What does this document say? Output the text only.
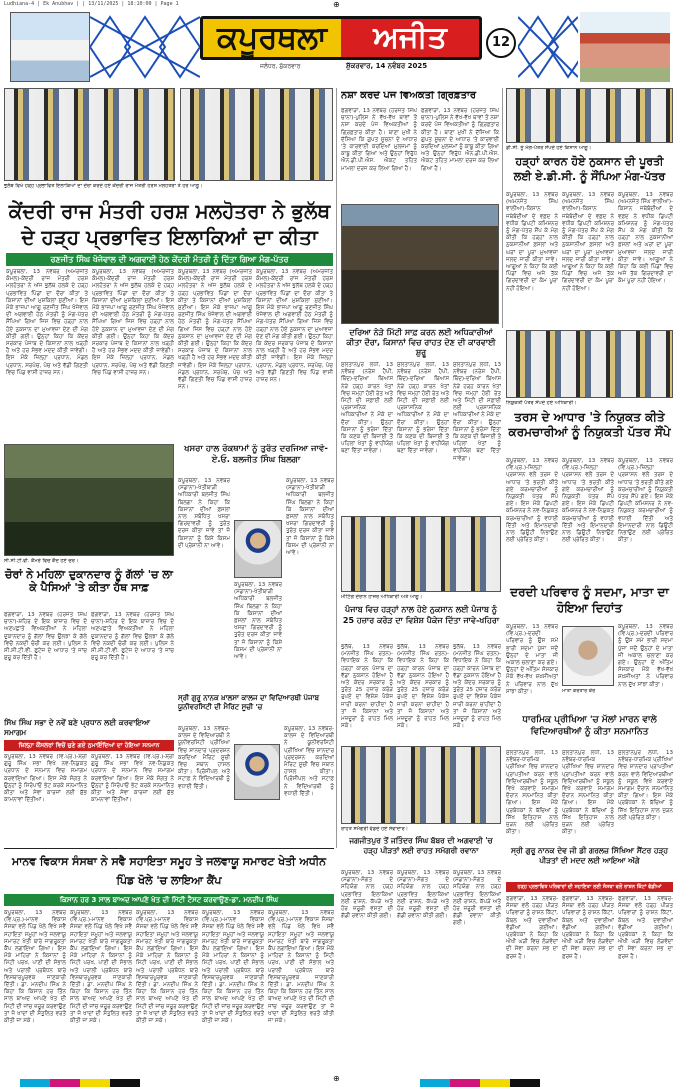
Ludhiana-4 | Ek Anubhav | | 13/11/2025 | 18:10:00 | Page 1	⊕
ਕਪੂਰਥਲਾ	ਅਜੀਤ
ਜਲੰਧਰ, ਸ਼ੁੱਕਰਵਾਰ	ਸ਼ੁੱਕਰਵਾਰ, 14 ਨਵੰਬਰ 2025
12
ਭੁਲੱਥ ਵਿਖੇ ਹੜ੍ਹ ਪ੍ਰਭਾਵਿਤ ਇਲਾਕਿਆਂ ਦਾ ਦੌਰਾ ਕਰਦੇ ਹੋਏ ਕੇਂਦਰੀ ਰਾਜ ਮੰਤਰੀ ਹਰਸ਼ ਮਲਹੋਤਰਾ ਤੇ ਹੋਰ ਆਗੂ।
ਕੇਂਦਰੀ ਰਾਜ ਮੰਤਰੀ ਹਰਸ਼ ਮਲਹੋਤਰਾ ਨੇ ਭੁਲੱਥ ਦੇ ਹੜ੍ਹ ਪ੍ਰਭਾਵਿਤ ਇਲਾਕਿਆਂ ਦਾ ਕੀਤਾ
ਰਣਜੀਤ ਸਿੰਘ ਖੋਜੇਵਾਲ ਦੀ ਅਗਵਾਈ ਹੇਠ ਕੇਂਦਰੀ ਮੰਤਰੀ ਨੂੰ ਦਿੱਤਾ ਗਿਆ ਮੰਗ-ਪੱਤਰ
ਕਪੂਰਥਲਾ, 13 ਨਵੰਬਰ (ਅਮਰਜੀਤ ਕੋਮਲ)-ਕੇਂਦਰੀ ਰਾਜ ਮੰਤਰੀ ਹਰਸ਼ ਮਲਹੋਤਰਾ ਨੇ ਅੱਜ ਭੁਲੱਥ ਹਲਕੇ ਦੇ ਹੜ੍ਹ ਪ੍ਰਭਾਵਿਤ ਪਿੰਡਾਂ ਦਾ ਦੌਰਾ ਕੀਤਾ ਤੇ ਕਿਸਾਨਾਂ ਦੀਆਂ ਮੁਸ਼ਕਿਲਾਂ ਸੁਣੀਆਂ। ਇਸ ਮੌਕੇ ਭਾਜਪਾ ਆਗੂ ਰਣਜੀਤ ਸਿੰਘ ਖੋਜੇਵਾਲ ਦੀ ਅਗਵਾਈ ਹੇਠ ਮੰਤਰੀ ਨੂੰ ਮੰਗ-ਪੱਤਰ ਸੌਂਪਿਆ ਗਿਆ ਜਿਸ ਵਿਚ ਹੜ੍ਹਾਂ ਨਾਲ ਹੋਏ ਨੁਕਸਾਨ ਦਾ ਮੁਆਵਜ਼ਾ ਦੇਣ ਦੀ ਮੰਗ ਕੀਤੀ ਗਈ। ਉਨ੍ਹਾਂ ਕਿਹਾ ਕਿ ਕੇਂਦਰ ਸਰਕਾਰ ਪੰਜਾਬ ਦੇ ਕਿਸਾਨਾਂ ਨਾਲ ਖੜ੍ਹੀ ਹੈ ਅਤੇ ਹਰ ਸੰਭਵ ਮਦਦ ਕੀਤੀ ਜਾਵੇਗੀ। ਇਸ ਮੌਕੇ ਜ਼ਿਲ੍ਹਾ ਪ੍ਰਧਾਨ, ਮੰਡਲ ਪ੍ਰਧਾਨ, ਸਰਪੰਚ, ਪੰਚ ਅਤੇ ਵੱਡੀ ਗਿਣਤੀ ਵਿਚ ਪਿੰਡ ਵਾਸੀ ਹਾਜ਼ਰ ਸਨ।
ਕਪੂਰਥਲਾ, 13 ਨਵੰਬਰ (ਅਮਰਜੀਤ ਕੋਮਲ)-ਕੇਂਦਰੀ ਰਾਜ ਮੰਤਰੀ ਹਰਸ਼ ਮਲਹੋਤਰਾ ਨੇ ਅੱਜ ਭੁਲੱਥ ਹਲਕੇ ਦੇ ਹੜ੍ਹ ਪ੍ਰਭਾਵਿਤ ਪਿੰਡਾਂ ਦਾ ਦੌਰਾ ਕੀਤਾ ਤੇ ਕਿਸਾਨਾਂ ਦੀਆਂ ਮੁਸ਼ਕਿਲਾਂ ਸੁਣੀਆਂ। ਇਸ ਮੌਕੇ ਭਾਜਪਾ ਆਗੂ ਰਣਜੀਤ ਸਿੰਘ ਖੋਜੇਵਾਲ ਦੀ ਅਗਵਾਈ ਹੇਠ ਮੰਤਰੀ ਨੂੰ ਮੰਗ-ਪੱਤਰ ਸੌਂਪਿਆ ਗਿਆ ਜਿਸ ਵਿਚ ਹੜ੍ਹਾਂ ਨਾਲ ਹੋਏ ਨੁਕਸਾਨ ਦਾ ਮੁਆਵਜ਼ਾ ਦੇਣ ਦੀ ਮੰਗ ਕੀਤੀ ਗਈ। ਉਨ੍ਹਾਂ ਕਿਹਾ ਕਿ ਕੇਂਦਰ ਸਰਕਾਰ ਪੰਜਾਬ ਦੇ ਕਿਸਾਨਾਂ ਨਾਲ ਖੜ੍ਹੀ ਹੈ ਅਤੇ ਹਰ ਸੰਭਵ ਮਦਦ ਕੀਤੀ ਜਾਵੇਗੀ। ਇਸ ਮੌਕੇ ਜ਼ਿਲ੍ਹਾ ਪ੍ਰਧਾਨ, ਮੰਡਲ ਪ੍ਰਧਾਨ, ਸਰਪੰਚ, ਪੰਚ ਅਤੇ ਵੱਡੀ ਗਿਣਤੀ ਵਿਚ ਪਿੰਡ ਵਾਸੀ ਹਾਜ਼ਰ ਸਨ।
ਕਪੂਰਥਲਾ, 13 ਨਵੰਬਰ (ਅਮਰਜੀਤ ਕੋਮਲ)-ਕੇਂਦਰੀ ਰਾਜ ਮੰਤਰੀ ਹਰਸ਼ ਮਲਹੋਤਰਾ ਨੇ ਅੱਜ ਭੁਲੱਥ ਹਲਕੇ ਦੇ ਹੜ੍ਹ ਪ੍ਰਭਾਵਿਤ ਪਿੰਡਾਂ ਦਾ ਦੌਰਾ ਕੀਤਾ ਤੇ ਕਿਸਾਨਾਂ ਦੀਆਂ ਮੁਸ਼ਕਿਲਾਂ ਸੁਣੀਆਂ। ਇਸ ਮੌਕੇ ਭਾਜਪਾ ਆਗੂ ਰਣਜੀਤ ਸਿੰਘ ਖੋਜੇਵਾਲ ਦੀ ਅਗਵਾਈ ਹੇਠ ਮੰਤਰੀ ਨੂੰ ਮੰਗ-ਪੱਤਰ ਸੌਂਪਿਆ ਗਿਆ ਜਿਸ ਵਿਚ ਹੜ੍ਹਾਂ ਨਾਲ ਹੋਏ ਨੁਕਸਾਨ ਦਾ ਮੁਆਵਜ਼ਾ ਦੇਣ ਦੀ ਮੰਗ ਕੀਤੀ ਗਈ। ਉਨ੍ਹਾਂ ਕਿਹਾ ਕਿ ਕੇਂਦਰ ਸਰਕਾਰ ਪੰਜਾਬ ਦੇ ਕਿਸਾਨਾਂ ਨਾਲ ਖੜ੍ਹੀ ਹੈ ਅਤੇ ਹਰ ਸੰਭਵ ਮਦਦ ਕੀਤੀ ਜਾਵੇਗੀ। ਇਸ ਮੌਕੇ ਜ਼ਿਲ੍ਹਾ ਪ੍ਰਧਾਨ, ਮੰਡਲ ਪ੍ਰਧਾਨ, ਸਰਪੰਚ, ਪੰਚ ਅਤੇ ਵੱਡੀ ਗਿਣਤੀ ਵਿਚ ਪਿੰਡ ਵਾਸੀ ਹਾਜ਼ਰ ਸਨ।
ਕਪੂਰਥਲਾ, 13 ਨਵੰਬਰ (ਅਮਰਜੀਤ ਕੋਮਲ)-ਕੇਂਦਰੀ ਰਾਜ ਮੰਤਰੀ ਹਰਸ਼ ਮਲਹੋਤਰਾ ਨੇ ਅੱਜ ਭੁਲੱਥ ਹਲਕੇ ਦੇ ਹੜ੍ਹ ਪ੍ਰਭਾਵਿਤ ਪਿੰਡਾਂ ਦਾ ਦੌਰਾ ਕੀਤਾ ਤੇ ਕਿਸਾਨਾਂ ਦੀਆਂ ਮੁਸ਼ਕਿਲਾਂ ਸੁਣੀਆਂ। ਇਸ ਮੌਕੇ ਭਾਜਪਾ ਆਗੂ ਰਣਜੀਤ ਸਿੰਘ ਖੋਜੇਵਾਲ ਦੀ ਅਗਵਾਈ ਹੇਠ ਮੰਤਰੀ ਨੂੰ ਮੰਗ-ਪੱਤਰ ਸੌਂਪਿਆ ਗਿਆ ਜਿਸ ਵਿਚ ਹੜ੍ਹਾਂ ਨਾਲ ਹੋਏ ਨੁਕਸਾਨ ਦਾ ਮੁਆਵਜ਼ਾ ਦੇਣ ਦੀ ਮੰਗ ਕੀਤੀ ਗਈ। ਉਨ੍ਹਾਂ ਕਿਹਾ ਕਿ ਕੇਂਦਰ ਸਰਕਾਰ ਪੰਜਾਬ ਦੇ ਕਿਸਾਨਾਂ ਨਾਲ ਖੜ੍ਹੀ ਹੈ ਅਤੇ ਹਰ ਸੰਭਵ ਮਦਦ ਕੀਤੀ ਜਾਵੇਗੀ। ਇਸ ਮੌਕੇ ਜ਼ਿਲ੍ਹਾ ਪ੍ਰਧਾਨ, ਮੰਡਲ ਪ੍ਰਧਾਨ, ਸਰਪੰਚ, ਪੰਚ ਅਤੇ ਵੱਡੀ ਗਿਣਤੀ ਵਿਚ ਪਿੰਡ ਵਾਸੀ ਹਾਜ਼ਰ ਸਨ।
ਨਸ਼ਾ ਕਰਦੇ ਪੰਜ ਵਿਅਕਤੀ ਗ੍ਰਿਫ਼ਤਾਰ
ਫਗਵਾੜਾ, 13 ਨਵੰਬਰ (ਹਰਜੋਤ ਸਿੰਘ ਚਾਨਾ)-ਪੁਲਿਸ ਨੇ ਵੱਖ-ਵੱਖ ਥਾਵਾਂ ਤੋਂ ਨਸ਼ਾ ਕਰਦੇ ਪੰਜ ਵਿਅਕਤੀਆਂ ਨੂੰ ਗ੍ਰਿਫ਼ਤਾਰ ਕੀਤਾ ਹੈ। ਥਾਣਾ ਮੁਖੀ ਨੇ ਦੱਸਿਆ ਕਿ ਗੁਪਤ ਸੂਚਨਾ ਦੇ ਆਧਾਰ 'ਤੇ ਕਾਰਵਾਈ ਕਰਦਿਆਂ ਮੁਲਜ਼ਮਾਂ ਨੂੰ ਕਾਬੂ ਕੀਤਾ ਗਿਆ ਅਤੇ ਉਨ੍ਹਾਂ ਵਿਰੁੱਧ ਐਨ.ਡੀ.ਪੀ.ਐਸ. ਐਕਟ ਤਹਿਤ ਮਾਮਲਾ ਦਰਜ ਕਰ ਲਿਆ ਗਿਆ ਹੈ।
ਫਗਵਾੜਾ, 13 ਨਵੰਬਰ (ਹਰਜੋਤ ਸਿੰਘ ਚਾਨਾ)-ਪੁਲਿਸ ਨੇ ਵੱਖ-ਵੱਖ ਥਾਵਾਂ ਤੋਂ ਨਸ਼ਾ ਕਰਦੇ ਪੰਜ ਵਿਅਕਤੀਆਂ ਨੂੰ ਗ੍ਰਿਫ਼ਤਾਰ ਕੀਤਾ ਹੈ। ਥਾਣਾ ਮੁਖੀ ਨੇ ਦੱਸਿਆ ਕਿ ਗੁਪਤ ਸੂਚਨਾ ਦੇ ਆਧਾਰ 'ਤੇ ਕਾਰਵਾਈ ਕਰਦਿਆਂ ਮੁਲਜ਼ਮਾਂ ਨੂੰ ਕਾਬੂ ਕੀਤਾ ਗਿਆ ਅਤੇ ਉਨ੍ਹਾਂ ਵਿਰੁੱਧ ਐਨ.ਡੀ.ਪੀ.ਐਸ. ਐਕਟ ਤਹਿਤ ਮਾਮਲਾ ਦਰਜ ਕਰ ਲਿਆ ਗਿਆ ਹੈ।
ਡੀ.ਸੀ. ਨੂੰ ਮੰਗ-ਪੱਤਰ ਸੌਂਪਦੇ ਹੋਏ ਕਿਸਾਨ ਆਗੂ।
ਹੜ੍ਹਾਂ ਕਾਰਨ ਹੋਏ ਨੁਕਸਾਨ ਦੀ ਪੂਰਤੀ ਲਈ ਏ.ਡੀ.ਸੀ. ਨੂੰ ਸੌਂਪਿਆ ਮੰਗ-ਪੱਤਰ
ਕਪੂਰਥਲਾ, 13 ਨਵੰਬਰ (ਅਮਨਜੋਤ ਸਿੰਘ ਵਾਲੀਆ)-ਕਿਸਾਨ ਜਥੇਬੰਦੀਆਂ ਦੇ ਵਫ਼ਦ ਨੇ ਵਧੀਕ ਡਿਪਟੀ ਕਮਿਸ਼ਨਰ ਨੂੰ ਮੰਗ-ਪੱਤਰ ਸੌਂਪ ਕੇ ਮੰਗ ਕੀਤੀ ਕਿ ਹੜ੍ਹਾਂ ਨਾਲ ਨੁਕਸਾਨੀਆਂ ਫ਼ਸਲਾਂ ਅਤੇ ਘਰਾਂ ਦਾ ਪੂਰਾ ਮੁਆਵਜ਼ਾ ਜਲਦ ਜਾਰੀ ਕੀਤਾ ਜਾਵੇ। ਆਗੂਆਂ ਨੇ ਕਿਹਾ ਕਿ ਕਈ ਪਿੰਡਾਂ ਵਿਚ ਅਜੇ ਤੱਕ ਗਿਰਦਾਵਰੀ ਦਾ ਕੰਮ ਪੂਰਾ ਨਹੀਂ ਹੋਇਆ।
ਕਪੂਰਥਲਾ, 13 ਨਵੰਬਰ (ਅਮਨਜੋਤ ਸਿੰਘ ਵਾਲੀਆ)-ਕਿਸਾਨ ਜਥੇਬੰਦੀਆਂ ਦੇ ਵਫ਼ਦ ਨੇ ਵਧੀਕ ਡਿਪਟੀ ਕਮਿਸ਼ਨਰ ਨੂੰ ਮੰਗ-ਪੱਤਰ ਸੌਂਪ ਕੇ ਮੰਗ ਕੀਤੀ ਕਿ ਹੜ੍ਹਾਂ ਨਾਲ ਨੁਕਸਾਨੀਆਂ ਫ਼ਸਲਾਂ ਅਤੇ ਘਰਾਂ ਦਾ ਪੂਰਾ ਮੁਆਵਜ਼ਾ ਜਲਦ ਜਾਰੀ ਕੀਤਾ ਜਾਵੇ। ਆਗੂਆਂ ਨੇ ਕਿਹਾ ਕਿ ਕਈ ਪਿੰਡਾਂ ਵਿਚ ਅਜੇ ਤੱਕ ਗਿਰਦਾਵਰੀ ਦਾ ਕੰਮ ਪੂਰਾ ਨਹੀਂ ਹੋਇਆ।
ਕਪੂਰਥਲਾ, 13 ਨਵੰਬਰ (ਅਮਨਜੋਤ ਸਿੰਘ ਵਾਲੀਆ)-ਕਿਸਾਨ ਜਥੇਬੰਦੀਆਂ ਦੇ ਵਫ਼ਦ ਨੇ ਵਧੀਕ ਡਿਪਟੀ ਕਮਿਸ਼ਨਰ ਨੂੰ ਮੰਗ-ਪੱਤਰ ਸੌਂਪ ਕੇ ਮੰਗ ਕੀਤੀ ਕਿ ਹੜ੍ਹਾਂ ਨਾਲ ਨੁਕਸਾਨੀਆਂ ਫ਼ਸਲਾਂ ਅਤੇ ਘਰਾਂ ਦਾ ਪੂਰਾ ਮੁਆਵਜ਼ਾ ਜਲਦ ਜਾਰੀ ਕੀਤਾ ਜਾਵੇ। ਆਗੂਆਂ ਨੇ ਕਿਹਾ ਕਿ ਕਈ ਪਿੰਡਾਂ ਵਿਚ ਅਜੇ ਤੱਕ ਗਿਰਦਾਵਰੀ ਦਾ ਕੰਮ ਪੂਰਾ ਨਹੀਂ ਹੋਇਆ।
ਦਰਿਆ ਨੇੜੇ ਮਿੱਟੀ ਸਾਫ਼ ਕਰਨ ਲਈ ਅਧਿਕਾਰੀਆਂ ਕੀਤਾ ਦੌਰਾ, ਕਿਸਾਨਾਂ ਵਿਚ ਰਾਹਤ ਦੇਣ ਦੀ ਕਾਰਵਾਈ ਸ਼ੁਰੂ
ਸੁਲਤਾਨਪੁਰ ਲੋਧੀ, 13 ਨਵੰਬਰ (ਨਰੇਸ਼ ਹੈਪੀ, ਥਿੰਦ)-ਦਰਿਆ ਬਿਆਸ ਨੇੜੇ ਹੜ੍ਹ ਕਾਰਨ ਖੇਤਾਂ ਵਿਚ ਜਮ੍ਹਾਂ ਹੋਈ ਰੇਤ ਅਤੇ ਮਿੱਟੀ ਦੀ ਸਫ਼ਾਈ ਲਈ ਪ੍ਰਸ਼ਾਸਨਿਕ ਅਧਿਕਾਰੀਆਂ ਨੇ ਮੌਕੇ ਦਾ ਦੌਰਾ ਕੀਤਾ। ਉਨ੍ਹਾਂ ਕਿਸਾਨਾਂ ਨੂੰ ਭਰੋਸਾ ਦਿੱਤਾ ਕਿ ਕਣਕ ਦੀ ਬਿਜਾਈ ਤੋਂ ਪਹਿਲਾਂ ਖੇਤਾਂ ਨੂੰ ਵਾਹੀਯੋਗ ਬਣਾ ਦਿੱਤਾ ਜਾਵੇਗਾ।
ਸੁਲਤਾਨਪੁਰ ਲੋਧੀ, 13 ਨਵੰਬਰ (ਨਰੇਸ਼ ਹੈਪੀ, ਥਿੰਦ)-ਦਰਿਆ ਬਿਆਸ ਨੇੜੇ ਹੜ੍ਹ ਕਾਰਨ ਖੇਤਾਂ ਵਿਚ ਜਮ੍ਹਾਂ ਹੋਈ ਰੇਤ ਅਤੇ ਮਿੱਟੀ ਦੀ ਸਫ਼ਾਈ ਲਈ ਪ੍ਰਸ਼ਾਸਨਿਕ ਅਧਿਕਾਰੀਆਂ ਨੇ ਮੌਕੇ ਦਾ ਦੌਰਾ ਕੀਤਾ। ਉਨ੍ਹਾਂ ਕਿਸਾਨਾਂ ਨੂੰ ਭਰੋਸਾ ਦਿੱਤਾ ਕਿ ਕਣਕ ਦੀ ਬਿਜਾਈ ਤੋਂ ਪਹਿਲਾਂ ਖੇਤਾਂ ਨੂੰ ਵਾਹੀਯੋਗ ਬਣਾ ਦਿੱਤਾ ਜਾਵੇਗਾ।
ਸੁਲਤਾਨਪੁਰ ਲੋਧੀ, 13 ਨਵੰਬਰ (ਨਰੇਸ਼ ਹੈਪੀ, ਥਿੰਦ)-ਦਰਿਆ ਬਿਆਸ ਨੇੜੇ ਹੜ੍ਹ ਕਾਰਨ ਖੇਤਾਂ ਵਿਚ ਜਮ੍ਹਾਂ ਹੋਈ ਰੇਤ ਅਤੇ ਮਿੱਟੀ ਦੀ ਸਫ਼ਾਈ ਲਈ ਪ੍ਰਸ਼ਾਸਨਿਕ ਅਧਿਕਾਰੀਆਂ ਨੇ ਮੌਕੇ ਦਾ ਦੌਰਾ ਕੀਤਾ। ਉਨ੍ਹਾਂ ਕਿਸਾਨਾਂ ਨੂੰ ਭਰੋਸਾ ਦਿੱਤਾ ਕਿ ਕਣਕ ਦੀ ਬਿਜਾਈ ਤੋਂ ਪਹਿਲਾਂ ਖੇਤਾਂ ਨੂੰ ਵਾਹੀਯੋਗ ਬਣਾ ਦਿੱਤਾ ਜਾਵੇਗਾ।
ਨਿਯੁਕਤੀ ਪੱਤਰ ਸੌਂਪਦੇ ਹੋਏ ਅਧਿਕਾਰੀ।
ਤਰਸ ਦੇ ਆਧਾਰ 'ਤੇ ਨਿਯੁਕਤ ਕੀਤੇ ਕਰਮਚਾਰੀਆਂ ਨੂੰ ਨਿਯੁਕਤੀ ਪੱਤਰ ਸੌਂਪੇ
ਕਪੂਰਥਲਾ, 13 ਨਵੰਬਰ (ਵਿ.ਪ੍ਰ.)-ਜ਼ਿਲ੍ਹਾ ਪ੍ਰਸ਼ਾਸਨ ਵਲੋਂ ਤਰਸ ਦੇ ਆਧਾਰ 'ਤੇ ਭਰਤੀ ਕੀਤੇ ਗਏ ਕਰਮਚਾਰੀਆਂ ਨੂੰ ਨਿਯੁਕਤੀ ਪੱਤਰ ਸੌਂਪੇ ਗਏ। ਇਸ ਮੌਕੇ ਡਿਪਟੀ ਕਮਿਸ਼ਨਰ ਨੇ ਨਵ-ਨਿਯੁਕਤ ਕਰਮਚਾਰੀਆਂ ਨੂੰ ਵਧਾਈ ਦਿੱਤੀ ਅਤੇ ਇਮਾਨਦਾਰੀ ਨਾਲ ਡਿਊਟੀ ਨਿਭਾਉਣ ਲਈ ਪ੍ਰੇਰਿਤ ਕੀਤਾ।
ਕਪੂਰਥਲਾ, 13 ਨਵੰਬਰ (ਵਿ.ਪ੍ਰ.)-ਜ਼ਿਲ੍ਹਾ ਪ੍ਰਸ਼ਾਸਨ ਵਲੋਂ ਤਰਸ ਦੇ ਆਧਾਰ 'ਤੇ ਭਰਤੀ ਕੀਤੇ ਗਏ ਕਰਮਚਾਰੀਆਂ ਨੂੰ ਨਿਯੁਕਤੀ ਪੱਤਰ ਸੌਂਪੇ ਗਏ। ਇਸ ਮੌਕੇ ਡਿਪਟੀ ਕਮਿਸ਼ਨਰ ਨੇ ਨਵ-ਨਿਯੁਕਤ ਕਰਮਚਾਰੀਆਂ ਨੂੰ ਵਧਾਈ ਦਿੱਤੀ ਅਤੇ ਇਮਾਨਦਾਰੀ ਨਾਲ ਡਿਊਟੀ ਨਿਭਾਉਣ ਲਈ ਪ੍ਰੇਰਿਤ ਕੀਤਾ।
ਕਪੂਰਥਲਾ, 13 ਨਵੰਬਰ (ਵਿ.ਪ੍ਰ.)-ਜ਼ਿਲ੍ਹਾ ਪ੍ਰਸ਼ਾਸਨ ਵਲੋਂ ਤਰਸ ਦੇ ਆਧਾਰ 'ਤੇ ਭਰਤੀ ਕੀਤੇ ਗਏ ਕਰਮਚਾਰੀਆਂ ਨੂੰ ਨਿਯੁਕਤੀ ਪੱਤਰ ਸੌਂਪੇ ਗਏ। ਇਸ ਮੌਕੇ ਡਿਪਟੀ ਕਮਿਸ਼ਨਰ ਨੇ ਨਵ-ਨਿਯੁਕਤ ਕਰਮਚਾਰੀਆਂ ਨੂੰ ਵਧਾਈ ਦਿੱਤੀ ਅਤੇ ਇਮਾਨਦਾਰੀ ਨਾਲ ਡਿਊਟੀ ਨਿਭਾਉਣ ਲਈ ਪ੍ਰੇਰਿਤ ਕੀਤਾ।
ਸੀ.ਸੀ.ਟੀ.ਵੀ. ਕੈਮਰੇ ਵਿਚ ਕੈਦ ਹੋਏ ਚੋਰ।
ਚੋਰਾਂ ਨੇ ਮਹਿਲਾ ਦੁਕਾਨਦਾਰ ਨੂੰ ਗੱਲਾਂ 'ਚ ਲਾ ਕੇ ਪੈਸਿਆਂ 'ਤੇ ਕੀਤਾ ਹੱਥ ਸਾਫ਼
ਫਗਵਾੜਾ, 13 ਨਵੰਬਰ (ਹਰਜੋਤ ਸਿੰਘ ਚਾਨਾ)-ਸ਼ਹਿਰ ਦੇ ਇਕ ਬਾਜ਼ਾਰ ਵਿਚ ਦੋ ਅਣਪਛਾਤੇ ਵਿਅਕਤੀਆਂ ਨੇ ਮਹਿਲਾ ਦੁਕਾਨਦਾਰ ਨੂੰ ਗੱਲਾਂ ਵਿਚ ਉਲਝਾ ਕੇ ਗੱਲੇ ਵਿਚੋਂ ਨਕਦੀ ਚੋਰੀ ਕਰ ਲਈ। ਪੁਲਿਸ ਨੇ ਸੀ.ਸੀ.ਟੀ.ਵੀ. ਫੁਟੇਜ ਦੇ ਆਧਾਰ 'ਤੇ ਜਾਂਚ ਸ਼ੁਰੂ ਕਰ ਦਿੱਤੀ ਹੈ।
ਫਗਵਾੜਾ, 13 ਨਵੰਬਰ (ਹਰਜੋਤ ਸਿੰਘ ਚਾਨਾ)-ਸ਼ਹਿਰ ਦੇ ਇਕ ਬਾਜ਼ਾਰ ਵਿਚ ਦੋ ਅਣਪਛਾਤੇ ਵਿਅਕਤੀਆਂ ਨੇ ਮਹਿਲਾ ਦੁਕਾਨਦਾਰ ਨੂੰ ਗੱਲਾਂ ਵਿਚ ਉਲਝਾ ਕੇ ਗੱਲੇ ਵਿਚੋਂ ਨਕਦੀ ਚੋਰੀ ਕਰ ਲਈ। ਪੁਲਿਸ ਨੇ ਸੀ.ਸੀ.ਟੀ.ਵੀ. ਫੁਟੇਜ ਦੇ ਆਧਾਰ 'ਤੇ ਜਾਂਚ ਸ਼ੁਰੂ ਕਰ ਦਿੱਤੀ ਹੈ।
ਖਸਰਾ ਹਾਲ ਰੋਕਥਾਮਾਂ ਨੂੰ ਤੁਰੰਤ ਦਰਜਿਆ ਜਾਵੇ-ਏ.ਓ. ਬਲਜੀਤ ਸਿੰਘ ਬਿਲਗਾ
ਕਪੂਰਥਲਾ, 13 ਨਵੰਬਰ (ਸਡਾਨਾ)-ਖੇਤੀਬਾੜੀ ਅਧਿਕਾਰੀ ਬਲਜੀਤ ਸਿੰਘ ਬਿਲਗਾ ਨੇ ਕਿਹਾ ਕਿ ਕਿਸਾਨਾਂ ਦੀਆਂ ਫ਼ਸਲਾਂ ਨਾਲ ਸਬੰਧਿਤ ਖਸਰਾ ਗਿਰਦਾਵਰੀ ਨੂੰ ਤੁਰੰਤ ਦਰਜ ਕੀਤਾ ਜਾਵੇ ਤਾਂ ਜੋ ਕਿਸਾਨਾਂ ਨੂੰ ਕਿਸੇ ਕਿਸਮ ਦੀ ਪ੍ਰੇਸ਼ਾਨੀ ਨਾ ਆਵੇ।
ਕਪੂਰਥਲਾ, 13 ਨਵੰਬਰ (ਸਡਾਨਾ)-ਖੇਤੀਬਾੜੀ ਅਧਿਕਾਰੀ ਬਲਜੀਤ ਸਿੰਘ ਬਿਲਗਾ ਨੇ ਕਿਹਾ ਕਿ ਕਿਸਾਨਾਂ ਦੀਆਂ ਫ਼ਸਲਾਂ ਨਾਲ ਸਬੰਧਿਤ ਖਸਰਾ ਗਿਰਦਾਵਰੀ ਨੂੰ ਤੁਰੰਤ ਦਰਜ ਕੀਤਾ ਜਾਵੇ ਤਾਂ ਜੋ ਕਿਸਾਨਾਂ ਨੂੰ ਕਿਸੇ ਕਿਸਮ ਦੀ ਪ੍ਰੇਸ਼ਾਨੀ ਨਾ ਆਵੇ।
ਕਪੂਰਥਲਾ, 13 ਨਵੰਬਰ (ਸਡਾਨਾ)-ਖੇਤੀਬਾੜੀ ਅਧਿਕਾਰੀ ਬਲਜੀਤ ਸਿੰਘ ਬਿਲਗਾ ਨੇ ਕਿਹਾ ਕਿ ਕਿਸਾਨਾਂ ਦੀਆਂ ਫ਼ਸਲਾਂ ਨਾਲ ਸਬੰਧਿਤ ਖਸਰਾ ਗਿਰਦਾਵਰੀ ਨੂੰ ਤੁਰੰਤ ਦਰਜ ਕੀਤਾ ਜਾਵੇ ਤਾਂ ਜੋ ਕਿਸਾਨਾਂ ਨੂੰ ਕਿਸੇ ਕਿਸਮ ਦੀ ਪ੍ਰੇਸ਼ਾਨੀ ਨਾ ਆਵੇ।
ਸਿੱਖ ਸਿੰਘ ਸਭਾ ਦੇ ਨਵੇਂ ਬਣੇ ਪ੍ਰਧਾਨ ਲਈ ਕਰਵਾਇਆ ਸਮਾਗਮ
ਜ਼ਿਲ੍ਹਾ ਕੌਂਸਲਰਾਂ ਵਿਚੋਂ ਚੁਣੇ ਗਏ ਨੁਮਾਇੰਦਿਆਂ ਦਾ ਹੋਇਆ ਸਨਮਾਨ
ਕਪੂਰਥਲਾ, 13 ਨਵੰਬਰ (ਵਿ.ਪ੍ਰ.)-ਸ਼੍ਰੀ ਗੁਰੂ ਸਿੰਘ ਸਭਾ ਵਿਖੇ ਨਵ-ਨਿਯੁਕਤ ਪ੍ਰਧਾਨ ਦੇ ਸਨਮਾਨ ਵਿਚ ਸਮਾਗਮ ਕਰਵਾਇਆ ਗਿਆ। ਇਸ ਮੌਕੇ ਸੰਗਤ ਨੇ ਉਨ੍ਹਾਂ ਨੂੰ ਸਿਰੋਪਾਓ ਭੇਟ ਕਰਕੇ ਸਨਮਾਨਿਤ ਕੀਤਾ ਅਤੇ ਸੇਵਾ ਕਾਰਜਾਂ ਲਈ ਸ਼ੁੱਭ ਕਾਮਨਾਵਾਂ ਦਿੱਤੀਆਂ।
ਕਪੂਰਥਲਾ, 13 ਨਵੰਬਰ (ਵਿ.ਪ੍ਰ.)-ਸ਼੍ਰੀ ਗੁਰੂ ਸਿੰਘ ਸਭਾ ਵਿਖੇ ਨਵ-ਨਿਯੁਕਤ ਪ੍ਰਧਾਨ ਦੇ ਸਨਮਾਨ ਵਿਚ ਸਮਾਗਮ ਕਰਵਾਇਆ ਗਿਆ। ਇਸ ਮੌਕੇ ਸੰਗਤ ਨੇ ਉਨ੍ਹਾਂ ਨੂੰ ਸਿਰੋਪਾਓ ਭੇਟ ਕਰਕੇ ਸਨਮਾਨਿਤ ਕੀਤਾ ਅਤੇ ਸੇਵਾ ਕਾਰਜਾਂ ਲਈ ਸ਼ੁੱਭ ਕਾਮਨਾਵਾਂ ਦਿੱਤੀਆਂ।
ਸ੍ਰੀ ਗੁਰੂ ਨਾਨਕ ਖ਼ਾਲਸਾ ਕਾਲਜ ਦਾ ਵਿਦਿਆਰਥੀ ਪੰਜਾਬ ਯੂਨੀਵਰਸਿਟੀ ਦੀ ਮੈਰਿਟ ਸੂਚੀ 'ਚ
ਕਪੂਰਥਲਾ, 13 ਨਵੰਬਰ-ਕਾਲਜ ਦੇ ਵਿਦਿਆਰਥੀ ਨੇ ਯੂਨੀਵਰਸਿਟੀ ਪ੍ਰੀਖਿਆ ਵਿਚ ਸ਼ਾਨਦਾਰ ਪ੍ਰਦਰਸ਼ਨ ਕਰਦਿਆਂ ਮੈਰਿਟ ਸੂਚੀ ਵਿਚ ਸਥਾਨ ਹਾਸਲ ਕੀਤਾ। ਪ੍ਰਿੰਸੀਪਲ ਅਤੇ ਸਟਾਫ਼ ਨੇ ਵਿਦਿਆਰਥੀ ਨੂੰ ਵਧਾਈ ਦਿੱਤੀ।
ਕਪੂਰਥਲਾ, 13 ਨਵੰਬਰ-ਕਾਲਜ ਦੇ ਵਿਦਿਆਰਥੀ ਨੇ ਯੂਨੀਵਰਸਿਟੀ ਪ੍ਰੀਖਿਆ ਵਿਚ ਸ਼ਾਨਦਾਰ ਪ੍ਰਦਰਸ਼ਨ ਕਰਦਿਆਂ ਮੈਰਿਟ ਸੂਚੀ ਵਿਚ ਸਥਾਨ ਹਾਸਲ ਕੀਤਾ। ਪ੍ਰਿੰਸੀਪਲ ਅਤੇ ਸਟਾਫ਼ ਨੇ ਵਿਦਿਆਰਥੀ ਨੂੰ ਵਧਾਈ ਦਿੱਤੀ।
ਮੀਟਿੰਗ ਦੌਰਾਨ ਹਾਜ਼ਰ ਅਧਿਕਾਰੀ ਅਤੇ ਆਗੂ।
ਪੰਜਾਬ ਵਿਚ ਹੜ੍ਹਾਂ ਨਾਲ ਹੋਏ ਨੁਕਸਾਨ ਲਈ ਪੰਜਾਬ ਨੂੰ 25 ਹਜ਼ਾਰ ਕਰੋੜ ਦਾ ਵਿਸ਼ੇਸ਼ ਪੈਕੇਜ ਦਿੱਤਾ ਜਾਵੇ-ਖਹਿਰਾ
ਭੁਲੱਥ, 13 ਨਵੰਬਰ (ਮਨਜੀਤ ਸਿੰਘ ਰਤਨ)-ਵਿਧਾਇਕ ਨੇ ਕਿਹਾ ਕਿ ਹੜ੍ਹਾਂ ਕਾਰਨ ਪੰਜਾਬ ਦਾ ਵੱਡਾ ਨੁਕਸਾਨ ਹੋਇਆ ਹੈ ਅਤੇ ਕੇਂਦਰ ਸਰਕਾਰ ਨੂੰ ਤੁਰੰਤ 25 ਹਜ਼ਾਰ ਕਰੋੜ ਰੁਪਏ ਦਾ ਵਿਸ਼ੇਸ਼ ਪੈਕੇਜ ਜਾਰੀ ਕਰਨਾ ਚਾਹੀਦਾ ਹੈ ਤਾਂ ਜੋ ਕਿਸਾਨਾਂ ਅਤੇ ਮਜ਼ਦੂਰਾਂ ਨੂੰ ਰਾਹਤ ਮਿਲ ਸਕੇ।
ਭੁਲੱਥ, 13 ਨਵੰਬਰ (ਮਨਜੀਤ ਸਿੰਘ ਰਤਨ)-ਵਿਧਾਇਕ ਨੇ ਕਿਹਾ ਕਿ ਹੜ੍ਹਾਂ ਕਾਰਨ ਪੰਜਾਬ ਦਾ ਵੱਡਾ ਨੁਕਸਾਨ ਹੋਇਆ ਹੈ ਅਤੇ ਕੇਂਦਰ ਸਰਕਾਰ ਨੂੰ ਤੁਰੰਤ 25 ਹਜ਼ਾਰ ਕਰੋੜ ਰੁਪਏ ਦਾ ਵਿਸ਼ੇਸ਼ ਪੈਕੇਜ ਜਾਰੀ ਕਰਨਾ ਚਾਹੀਦਾ ਹੈ ਤਾਂ ਜੋ ਕਿਸਾਨਾਂ ਅਤੇ ਮਜ਼ਦੂਰਾਂ ਨੂੰ ਰਾਹਤ ਮਿਲ ਸਕੇ।
ਭੁਲੱਥ, 13 ਨਵੰਬਰ (ਮਨਜੀਤ ਸਿੰਘ ਰਤਨ)-ਵਿਧਾਇਕ ਨੇ ਕਿਹਾ ਕਿ ਹੜ੍ਹਾਂ ਕਾਰਨ ਪੰਜਾਬ ਦਾ ਵੱਡਾ ਨੁਕਸਾਨ ਹੋਇਆ ਹੈ ਅਤੇ ਕੇਂਦਰ ਸਰਕਾਰ ਨੂੰ ਤੁਰੰਤ 25 ਹਜ਼ਾਰ ਕਰੋੜ ਰੁਪਏ ਦਾ ਵਿਸ਼ੇਸ਼ ਪੈਕੇਜ ਜਾਰੀ ਕਰਨਾ ਚਾਹੀਦਾ ਹੈ ਤਾਂ ਜੋ ਕਿਸਾਨਾਂ ਅਤੇ ਮਜ਼ਦੂਰਾਂ ਨੂੰ ਰਾਹਤ ਮਿਲ ਸਕੇ।
ਦਰਦੀ ਪਰਿਵਾਰ ਨੂੰ ਸਦਮਾ, ਮਾਤਾ ਦਾ ਹੋਇਆ ਦਿਹਾਂਤ
ਕਪੂਰਥਲਾ, 13 ਨਵੰਬਰ (ਵਿ.ਪ੍ਰ.)-ਦਰਦੀ ਪਰਿਵਾਰ ਨੂੰ ਉਸ ਸਮੇਂ ਭਾਰੀ ਸਦਮਾ ਪੁੱਜਾ ਜਦੋਂ ਉਨ੍ਹਾਂ ਦੇ ਮਾਤਾ ਜੀ ਅਕਾਲ ਚਲਾਣਾ ਕਰ ਗਏ। ਉਨ੍ਹਾਂ ਦੇ ਅੰਤਿਮ ਸੰਸਕਾਰ ਮੌਕੇ ਵੱਖ-ਵੱਖ ਸ਼ਖ਼ਸੀਅਤਾਂ ਨੇ ਪਰਿਵਾਰ ਨਾਲ ਦੁੱਖ ਸਾਂਝਾ ਕੀਤਾ।	ਮਾਤਾ ਕਰਤਾਰ ਕੌਰ
ਕਪੂਰਥਲਾ, 13 ਨਵੰਬਰ (ਵਿ.ਪ੍ਰ.)-ਦਰਦੀ ਪਰਿਵਾਰ ਨੂੰ ਉਸ ਸਮੇਂ ਭਾਰੀ ਸਦਮਾ ਪੁੱਜਾ ਜਦੋਂ ਉਨ੍ਹਾਂ ਦੇ ਮਾਤਾ ਜੀ ਅਕਾਲ ਚਲਾਣਾ ਕਰ ਗਏ। ਉਨ੍ਹਾਂ ਦੇ ਅੰਤਿਮ ਸੰਸਕਾਰ ਮੌਕੇ ਵੱਖ-ਵੱਖ ਸ਼ਖ਼ਸੀਅਤਾਂ ਨੇ ਪਰਿਵਾਰ ਨਾਲ ਦੁੱਖ ਸਾਂਝਾ ਕੀਤਾ।
ਧਾਰਮਿਕ ਪ੍ਰੀਖਿਆ 'ਚ ਮੱਲਾਂ ਮਾਰਨ ਵਾਲੇ ਵਿਦਿਆਰਥੀਆਂ ਨੂੰ ਕੀਤਾ ਸਨਮਾਨਿਤ
ਸੁਲਤਾਨਪੁਰ ਲੋਧੀ, 13 ਨਵੰਬਰ-ਧਾਰਮਿਕ ਪ੍ਰੀਖਿਆ ਵਿਚ ਸ਼ਾਨਦਾਰ ਪ੍ਰਾਪਤੀਆਂ ਕਰਨ ਵਾਲੇ ਵਿਦਿਆਰਥੀਆਂ ਨੂੰ ਸਕੂਲ ਵਿਖੇ ਕਰਵਾਏ ਸਮਾਗਮ ਦੌਰਾਨ ਸਨਮਾਨਿਤ ਕੀਤਾ ਗਿਆ। ਇਸ ਮੌਕੇ ਪ੍ਰਬੰਧਕਾਂ ਨੇ ਬੱਚਿਆਂ ਨੂੰ ਸਿੱਖ ਇਤਿਹਾਸ ਨਾਲ ਜੁੜਨ ਲਈ ਪ੍ਰੇਰਿਤ ਕੀਤਾ।
ਸੁਲਤਾਨਪੁਰ ਲੋਧੀ, 13 ਨਵੰਬਰ-ਧਾਰਮਿਕ ਪ੍ਰੀਖਿਆ ਵਿਚ ਸ਼ਾਨਦਾਰ ਪ੍ਰਾਪਤੀਆਂ ਕਰਨ ਵਾਲੇ ਵਿਦਿਆਰਥੀਆਂ ਨੂੰ ਸਕੂਲ ਵਿਖੇ ਕਰਵਾਏ ਸਮਾਗਮ ਦੌਰਾਨ ਸਨਮਾਨਿਤ ਕੀਤਾ ਗਿਆ। ਇਸ ਮੌਕੇ ਪ੍ਰਬੰਧਕਾਂ ਨੇ ਬੱਚਿਆਂ ਨੂੰ ਸਿੱਖ ਇਤਿਹਾਸ ਨਾਲ ਜੁੜਨ ਲਈ ਪ੍ਰੇਰਿਤ ਕੀਤਾ।
ਸੁਲਤਾਨਪੁਰ ਲੋਧੀ, 13 ਨਵੰਬਰ-ਧਾਰਮਿਕ ਪ੍ਰੀਖਿਆ ਵਿਚ ਸ਼ਾਨਦਾਰ ਪ੍ਰਾਪਤੀਆਂ ਕਰਨ ਵਾਲੇ ਵਿਦਿਆਰਥੀਆਂ ਨੂੰ ਸਕੂਲ ਵਿਖੇ ਕਰਵਾਏ ਸਮਾਗਮ ਦੌਰਾਨ ਸਨਮਾਨਿਤ ਕੀਤਾ ਗਿਆ। ਇਸ ਮੌਕੇ ਪ੍ਰਬੰਧਕਾਂ ਨੇ ਬੱਚਿਆਂ ਨੂੰ ਸਿੱਖ ਇਤਿਹਾਸ ਨਾਲ ਜੁੜਨ ਲਈ ਪ੍ਰੇਰਿਤ ਕੀਤਾ।
ਰਾਹਤ ਸਮੱਗਰੀ ਵੰਡਦੇ ਹੋਏ ਸੇਵਾਦਾਰ।
ਜਗਜੀਤਪੁਰ ਤੋਂ ਜਤਿੰਦਰ ਸਿੰਘ ਬੱਬਰ ਦੀ ਅਗਵਾਈ 'ਚ ਹੜ੍ਹ ਪੀੜਤਾਂ ਲਈ ਰਾਹਤ ਸਮੱਗਰੀ ਰਵਾਨਾ
ਕਪੂਰਥਲਾ, 13 ਨਵੰਬਰ (ਸਡਾਨਾ)-ਸੰਗਤ ਦੇ ਸਹਿਯੋਗ ਨਾਲ ਹੜ੍ਹ ਪ੍ਰਭਾਵਿਤ ਇਲਾਕਿਆਂ ਲਈ ਰਾਸ਼ਨ, ਕੱਪੜੇ ਅਤੇ ਹੋਰ ਜ਼ਰੂਰੀ ਵਸਤਾਂ ਦੀ ਗੱਡੀ ਰਵਾਨਾ ਕੀਤੀ ਗਈ।
ਕਪੂਰਥਲਾ, 13 ਨਵੰਬਰ (ਸਡਾਨਾ)-ਸੰਗਤ ਦੇ ਸਹਿਯੋਗ ਨਾਲ ਹੜ੍ਹ ਪ੍ਰਭਾਵਿਤ ਇਲਾਕਿਆਂ ਲਈ ਰਾਸ਼ਨ, ਕੱਪੜੇ ਅਤੇ ਹੋਰ ਜ਼ਰੂਰੀ ਵਸਤਾਂ ਦੀ ਗੱਡੀ ਰਵਾਨਾ ਕੀਤੀ ਗਈ।
ਕਪੂਰਥਲਾ, 13 ਨਵੰਬਰ (ਸਡਾਨਾ)-ਸੰਗਤ ਦੇ ਸਹਿਯੋਗ ਨਾਲ ਹੜ੍ਹ ਪ੍ਰਭਾਵਿਤ ਇਲਾਕਿਆਂ ਲਈ ਰਾਸ਼ਨ, ਕੱਪੜੇ ਅਤੇ ਹੋਰ ਜ਼ਰੂਰੀ ਵਸਤਾਂ ਦੀ ਗੱਡੀ ਰਵਾਨਾ ਕੀਤੀ ਗਈ।
ਸ੍ਰੀ ਗੁਰੂ ਨਾਨਕ ਦੇਵ ਜੀ ਡੀ ਗਰਲਜ਼ ਸਿੱਖਿਆ ਸੈਂਟਰ ਹੜ੍ਹ ਪੀੜਤਾਂ ਦੀ ਮਦਦ ਲਈ ਆਇਆ ਅੱਗੇ
ਹੜ੍ਹ ਪ੍ਰਭਾਵਿਤ ਪਰਿਵਾਰਾਂ ਦੀ ਸਹਾਇਤਾ ਲਈ ਸੰਸਥਾ ਵਲੋਂ ਰਾਸ਼ਨ ਕਿੱਟਾਂ ਵੰਡੀਆਂ
ਫਗਵਾੜਾ, 13 ਨਵੰਬਰ-ਸੰਸਥਾ ਵਲੋਂ ਹੜ੍ਹ ਪੀੜਤ ਪਰਿਵਾਰਾਂ ਨੂੰ ਰਾਸ਼ਨ ਕਿੱਟਾਂ, ਕੰਬਲ ਅਤੇ ਦਵਾਈਆਂ ਵੰਡੀਆਂ ਗਈਆਂ। ਪ੍ਰਬੰਧਕਾਂ ਨੇ ਕਿਹਾ ਕਿ ਔਖੀ ਘੜੀ ਵਿਚ ਲੋੜਵੰਦਾਂ ਦੀ ਸੇਵਾ ਕਰਨਾ ਸਭ ਦਾ ਫ਼ਰਜ਼ ਹੈ।
ਫਗਵਾੜਾ, 13 ਨਵੰਬਰ-ਸੰਸਥਾ ਵਲੋਂ ਹੜ੍ਹ ਪੀੜਤ ਪਰਿਵਾਰਾਂ ਨੂੰ ਰਾਸ਼ਨ ਕਿੱਟਾਂ, ਕੰਬਲ ਅਤੇ ਦਵਾਈਆਂ ਵੰਡੀਆਂ ਗਈਆਂ। ਪ੍ਰਬੰਧਕਾਂ ਨੇ ਕਿਹਾ ਕਿ ਔਖੀ ਘੜੀ ਵਿਚ ਲੋੜਵੰਦਾਂ ਦੀ ਸੇਵਾ ਕਰਨਾ ਸਭ ਦਾ ਫ਼ਰਜ਼ ਹੈ।
ਫਗਵਾੜਾ, 13 ਨਵੰਬਰ-ਸੰਸਥਾ ਵਲੋਂ ਹੜ੍ਹ ਪੀੜਤ ਪਰਿਵਾਰਾਂ ਨੂੰ ਰਾਸ਼ਨ ਕਿੱਟਾਂ, ਕੰਬਲ ਅਤੇ ਦਵਾਈਆਂ ਵੰਡੀਆਂ ਗਈਆਂ। ਪ੍ਰਬੰਧਕਾਂ ਨੇ ਕਿਹਾ ਕਿ ਔਖੀ ਘੜੀ ਵਿਚ ਲੋੜਵੰਦਾਂ ਦੀ ਸੇਵਾ ਕਰਨਾ ਸਭ ਦਾ ਫ਼ਰਜ਼ ਹੈ।
ਮਾਨਵ ਵਿਕਾਸ ਸੰਸਥਾ ਨੇ ਸਵੈ ਸਹਾਇਤਾ ਸਮੂਹ ਤੇ ਜਲਵਾਯੂ ਸਮਾਰਟ ਖੇਤੀ ਅਧੀਨ ਪਿੰਡ ਖੋਲੇ 'ਚ ਲਾਇਆ ਕੈਂਪ
ਕਿਸਾਨ ਹਰ 3 ਸਾਲ ਬਾਅਦ ਆਪਣੇ ਖੇਤ ਦੀ ਮਿੱਟੀ ਟੈਸਟ ਕਰਵਾਉਣ-ਡਾ. ਮਨਦੀਪ ਸਿੰਘ
ਕਪੂਰਥਲਾ, 13 ਨਵੰਬਰ (ਵਿ.ਪ੍ਰ.)-ਮਾਨਵ ਵਿਕਾਸ ਸੰਸਥਾ ਵਲੋਂ ਪਿੰਡ ਖੋਲੇ ਵਿਖੇ ਸਵੈ ਸਹਾਇਤਾ ਸਮੂਹਾਂ ਅਤੇ ਜਲਵਾਯੂ ਸਮਾਰਟ ਖੇਤੀ ਬਾਰੇ ਜਾਗਰੂਕਤਾ ਕੈਂਪ ਲਗਾਇਆ ਗਿਆ। ਇਸ ਮੌਕੇ ਮਾਹਿਰਾਂ ਨੇ ਕਿਸਾਨਾਂ ਨੂੰ ਮਿੱਟੀ ਪਰਖ, ਪਾਣੀ ਦੀ ਸੰਭਾਲ ਅਤੇ ਪਰਾਲੀ ਪ੍ਰਬੰਧਨ ਬਾਰੇ ਵਿਸਥਾਰਪੂਰਵਕ ਜਾਣਕਾਰੀ ਦਿੱਤੀ। ਡਾ. ਮਨਦੀਪ ਸਿੰਘ ਨੇ ਕਿਹਾ ਕਿ ਕਿਸਾਨ ਹਰ ਤਿੰਨ ਸਾਲ ਬਾਅਦ ਆਪਣੇ ਖੇਤ ਦੀ ਮਿੱਟੀ ਦੀ ਜਾਂਚ ਜ਼ਰੂਰ ਕਰਵਾਉਣ ਤਾਂ ਜੋ ਖਾਦਾਂ ਦੀ ਸੰਤੁਲਿਤ ਵਰਤੋਂ ਕੀਤੀ ਜਾ ਸਕੇ।
ਕਪੂਰਥਲਾ, 13 ਨਵੰਬਰ (ਵਿ.ਪ੍ਰ.)-ਮਾਨਵ ਵਿਕਾਸ ਸੰਸਥਾ ਵਲੋਂ ਪਿੰਡ ਖੋਲੇ ਵਿਖੇ ਸਵੈ ਸਹਾਇਤਾ ਸਮੂਹਾਂ ਅਤੇ ਜਲਵਾਯੂ ਸਮਾਰਟ ਖੇਤੀ ਬਾਰੇ ਜਾਗਰੂਕਤਾ ਕੈਂਪ ਲਗਾਇਆ ਗਿਆ। ਇਸ ਮੌਕੇ ਮਾਹਿਰਾਂ ਨੇ ਕਿਸਾਨਾਂ ਨੂੰ ਮਿੱਟੀ ਪਰਖ, ਪਾਣੀ ਦੀ ਸੰਭਾਲ ਅਤੇ ਪਰਾਲੀ ਪ੍ਰਬੰਧਨ ਬਾਰੇ ਵਿਸਥਾਰਪੂਰਵਕ ਜਾਣਕਾਰੀ ਦਿੱਤੀ। ਡਾ. ਮਨਦੀਪ ਸਿੰਘ ਨੇ ਕਿਹਾ ਕਿ ਕਿਸਾਨ ਹਰ ਤਿੰਨ ਸਾਲ ਬਾਅਦ ਆਪਣੇ ਖੇਤ ਦੀ ਮਿੱਟੀ ਦੀ ਜਾਂਚ ਜ਼ਰੂਰ ਕਰਵਾਉਣ ਤਾਂ ਜੋ ਖਾਦਾਂ ਦੀ ਸੰਤੁਲਿਤ ਵਰਤੋਂ ਕੀਤੀ ਜਾ ਸਕੇ।
ਕਪੂਰਥਲਾ, 13 ਨਵੰਬਰ (ਵਿ.ਪ੍ਰ.)-ਮਾਨਵ ਵਿਕਾਸ ਸੰਸਥਾ ਵਲੋਂ ਪਿੰਡ ਖੋਲੇ ਵਿਖੇ ਸਵੈ ਸਹਾਇਤਾ ਸਮੂਹਾਂ ਅਤੇ ਜਲਵਾਯੂ ਸਮਾਰਟ ਖੇਤੀ ਬਾਰੇ ਜਾਗਰੂਕਤਾ ਕੈਂਪ ਲਗਾਇਆ ਗਿਆ। ਇਸ ਮੌਕੇ ਮਾਹਿਰਾਂ ਨੇ ਕਿਸਾਨਾਂ ਨੂੰ ਮਿੱਟੀ ਪਰਖ, ਪਾਣੀ ਦੀ ਸੰਭਾਲ ਅਤੇ ਪਰਾਲੀ ਪ੍ਰਬੰਧਨ ਬਾਰੇ ਵਿਸਥਾਰਪੂਰਵਕ ਜਾਣਕਾਰੀ ਦਿੱਤੀ। ਡਾ. ਮਨਦੀਪ ਸਿੰਘ ਨੇ ਕਿਹਾ ਕਿ ਕਿਸਾਨ ਹਰ ਤਿੰਨ ਸਾਲ ਬਾਅਦ ਆਪਣੇ ਖੇਤ ਦੀ ਮਿੱਟੀ ਦੀ ਜਾਂਚ ਜ਼ਰੂਰ ਕਰਵਾਉਣ ਤਾਂ ਜੋ ਖਾਦਾਂ ਦੀ ਸੰਤੁਲਿਤ ਵਰਤੋਂ ਕੀਤੀ ਜਾ ਸਕੇ।
ਕਪੂਰਥਲਾ, 13 ਨਵੰਬਰ (ਵਿ.ਪ੍ਰ.)-ਮਾਨਵ ਵਿਕਾਸ ਸੰਸਥਾ ਵਲੋਂ ਪਿੰਡ ਖੋਲੇ ਵਿਖੇ ਸਵੈ ਸਹਾਇਤਾ ਸਮੂਹਾਂ ਅਤੇ ਜਲਵਾਯੂ ਸਮਾਰਟ ਖੇਤੀ ਬਾਰੇ ਜਾਗਰੂਕਤਾ ਕੈਂਪ ਲਗਾਇਆ ਗਿਆ। ਇਸ ਮੌਕੇ ਮਾਹਿਰਾਂ ਨੇ ਕਿਸਾਨਾਂ ਨੂੰ ਮਿੱਟੀ ਪਰਖ, ਪਾਣੀ ਦੀ ਸੰਭਾਲ ਅਤੇ ਪਰਾਲੀ ਪ੍ਰਬੰਧਨ ਬਾਰੇ ਵਿਸਥਾਰਪੂਰਵਕ ਜਾਣਕਾਰੀ ਦਿੱਤੀ। ਡਾ. ਮਨਦੀਪ ਸਿੰਘ ਨੇ ਕਿਹਾ ਕਿ ਕਿਸਾਨ ਹਰ ਤਿੰਨ ਸਾਲ ਬਾਅਦ ਆਪਣੇ ਖੇਤ ਦੀ ਮਿੱਟੀ ਦੀ ਜਾਂਚ ਜ਼ਰੂਰ ਕਰਵਾਉਣ ਤਾਂ ਜੋ ਖਾਦਾਂ ਦੀ ਸੰਤੁਲਿਤ ਵਰਤੋਂ ਕੀਤੀ ਜਾ ਸਕੇ।
ਕਪੂਰਥਲਾ, 13 ਨਵੰਬਰ (ਵਿ.ਪ੍ਰ.)-ਮਾਨਵ ਵਿਕਾਸ ਸੰਸਥਾ ਵਲੋਂ ਪਿੰਡ ਖੋਲੇ ਵਿਖੇ ਸਵੈ ਸਹਾਇਤਾ ਸਮੂਹਾਂ ਅਤੇ ਜਲਵਾਯੂ ਸਮਾਰਟ ਖੇਤੀ ਬਾਰੇ ਜਾਗਰੂਕਤਾ ਕੈਂਪ ਲਗਾਇਆ ਗਿਆ। ਇਸ ਮੌਕੇ ਮਾਹਿਰਾਂ ਨੇ ਕਿਸਾਨਾਂ ਨੂੰ ਮਿੱਟੀ ਪਰਖ, ਪਾਣੀ ਦੀ ਸੰਭਾਲ ਅਤੇ ਪਰਾਲੀ ਪ੍ਰਬੰਧਨ ਬਾਰੇ ਵਿਸਥਾਰਪੂਰਵਕ ਜਾਣਕਾਰੀ ਦਿੱਤੀ। ਡਾ. ਮਨਦੀਪ ਸਿੰਘ ਨੇ ਕਿਹਾ ਕਿ ਕਿਸਾਨ ਹਰ ਤਿੰਨ ਸਾਲ ਬਾਅਦ ਆਪਣੇ ਖੇਤ ਦੀ ਮਿੱਟੀ ਦੀ ਜਾਂਚ ਜ਼ਰੂਰ ਕਰਵਾਉਣ ਤਾਂ ਜੋ ਖਾਦਾਂ ਦੀ ਸੰਤੁਲਿਤ ਵਰਤੋਂ ਕੀਤੀ ਜਾ ਸਕੇ।
⊕
